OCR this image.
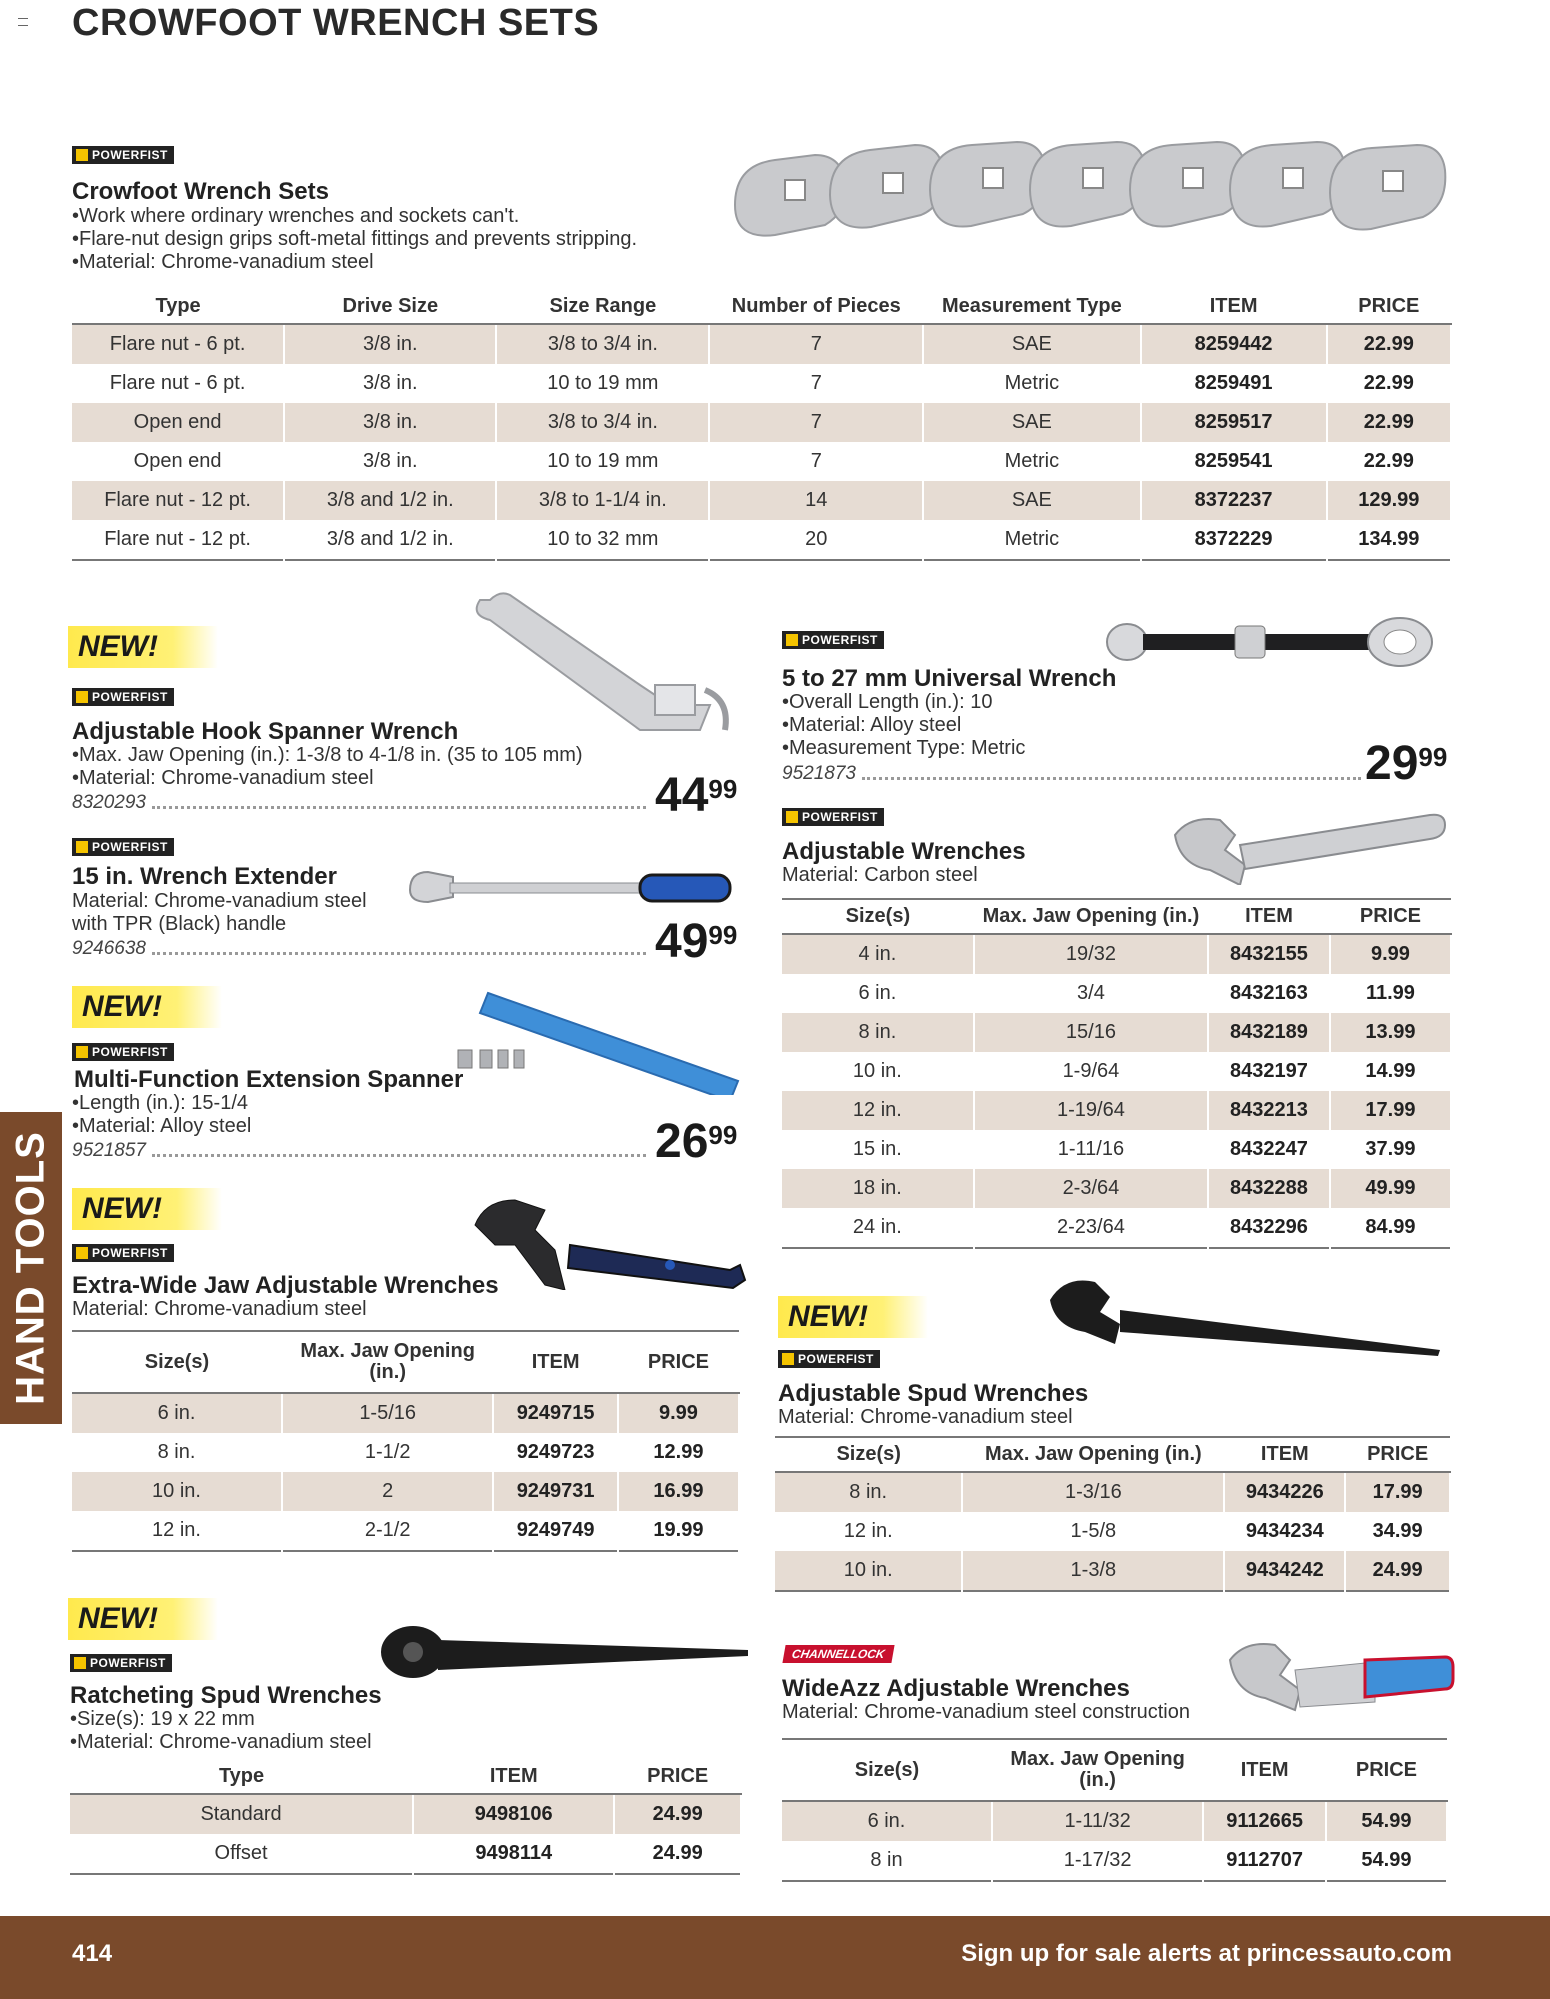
CROWFOOT WRENCH SETS
POWERFIST
Crowfoot Wrench Sets
•Work where ordinary wrenches and sockets can't.
•Flare-nut design grips soft-metal fittings and prevents stripping.
•Material: Chrome-vanadium steel
Type	Drive Size	Size Range	Number of Pieces	Measurement Type	ITEM	PRICE
Flare nut - 6 pt.	3/8 in.	3/8 to 3/4 in.	7	SAE	8259442	22.99
Flare nut - 6 pt.	3/8 in.	10 to 19 mm	7	Metric	8259491	22.99
Open end	3/8 in.	3/8 to 3/4 in.	7	SAE	8259517	22.99
Open end	3/8 in.	10 to 19 mm	7	Metric	8259541	22.99
Flare nut - 12 pt.	3/8 and 1/2 in.	3/8 to 1-1/4 in.	14	SAE	8372237	129.99
Flare nut - 12 pt.	3/8 and 1/2 in.	10 to 32 mm	20	Metric	8372229	134.99
NEW!
POWERFIST
Adjustable Hook Spanner Wrench
•Max. Jaw Opening (in.): 1-3/8 to 4-1/8 in. (35 to 105 mm)
•Material: Chrome-vanadium steel
8320293	$44^{99}$
POWERFIST
15 in. Wrench Extender
Material: Chrome-vanadium steel
with TPR (Black) handle
9246638	$49^{99}$
NEW!
POWERFIST
Multi-Function Extension Spanner
•Length (in.): 15-1/4
•Material: Alloy steel
9521857	$26^{99}$
NEW!
POWERFIST
Extra-Wide Jaw Adjustable Wrenches
Material: Chrome-vanadium steel
Size(s)	Max. Jaw Opening (in.)	ITEM	PRICE
6 in.	1-5/16	9249715	9.99
8 in.	1-1/2	9249723	12.99
10 in.	2	9249731	16.99
12 in.	2-1/2	9249749	19.99
NEW!
POWERFIST
Ratcheting Spud Wrenches
•Size(s): 19 x 22 mm
•Material: Chrome-vanadium steel
Type	ITEM	PRICE
Standard	9498106	24.99
Offset	9498114	24.99
POWERFIST
5 to 27 mm Universal Wrench
•Overall Length (in.): 10
•Material: Alloy steel
•Measurement Type: Metric
9521873	$29^{99}$
POWERFIST
Adjustable Wrenches
Material: Carbon steel
Size(s)	Max. Jaw Opening (in.)	ITEM	PRICE
4 in.	19/32	8432155	9.99
6 in.	3/4	8432163	11.99
8 in.	15/16	8432189	13.99
10 in.	1-9/64	8432197	14.99
12 in.	1-19/64	8432213	17.99
15 in.	1-11/16	8432247	37.99
18 in.	2-3/64	8432288	49.99
24 in.	2-23/64	8432296	84.99
NEW!
POWERFIST
Adjustable Spud Wrenches
Material: Chrome-vanadium steel
Size(s)	Max. Jaw Opening (in.)	ITEM	PRICE
8 in.	1-3/16	9434226	17.99
12 in.	1-5/8	9434234	34.99
10 in.	1-3/8	9434242	24.99
CHANNELLOCK
WideAzz Adjustable Wrenches
Material: Chrome-vanadium steel construction
Size(s)	Max. Jaw Opening (in.)	ITEM	PRICE
6 in.	1-11/32	9112665	54.99
8 in	1-17/32	9112707	54.99
HAND TOOLS
414	Sign up for sale alerts at princessauto.com
